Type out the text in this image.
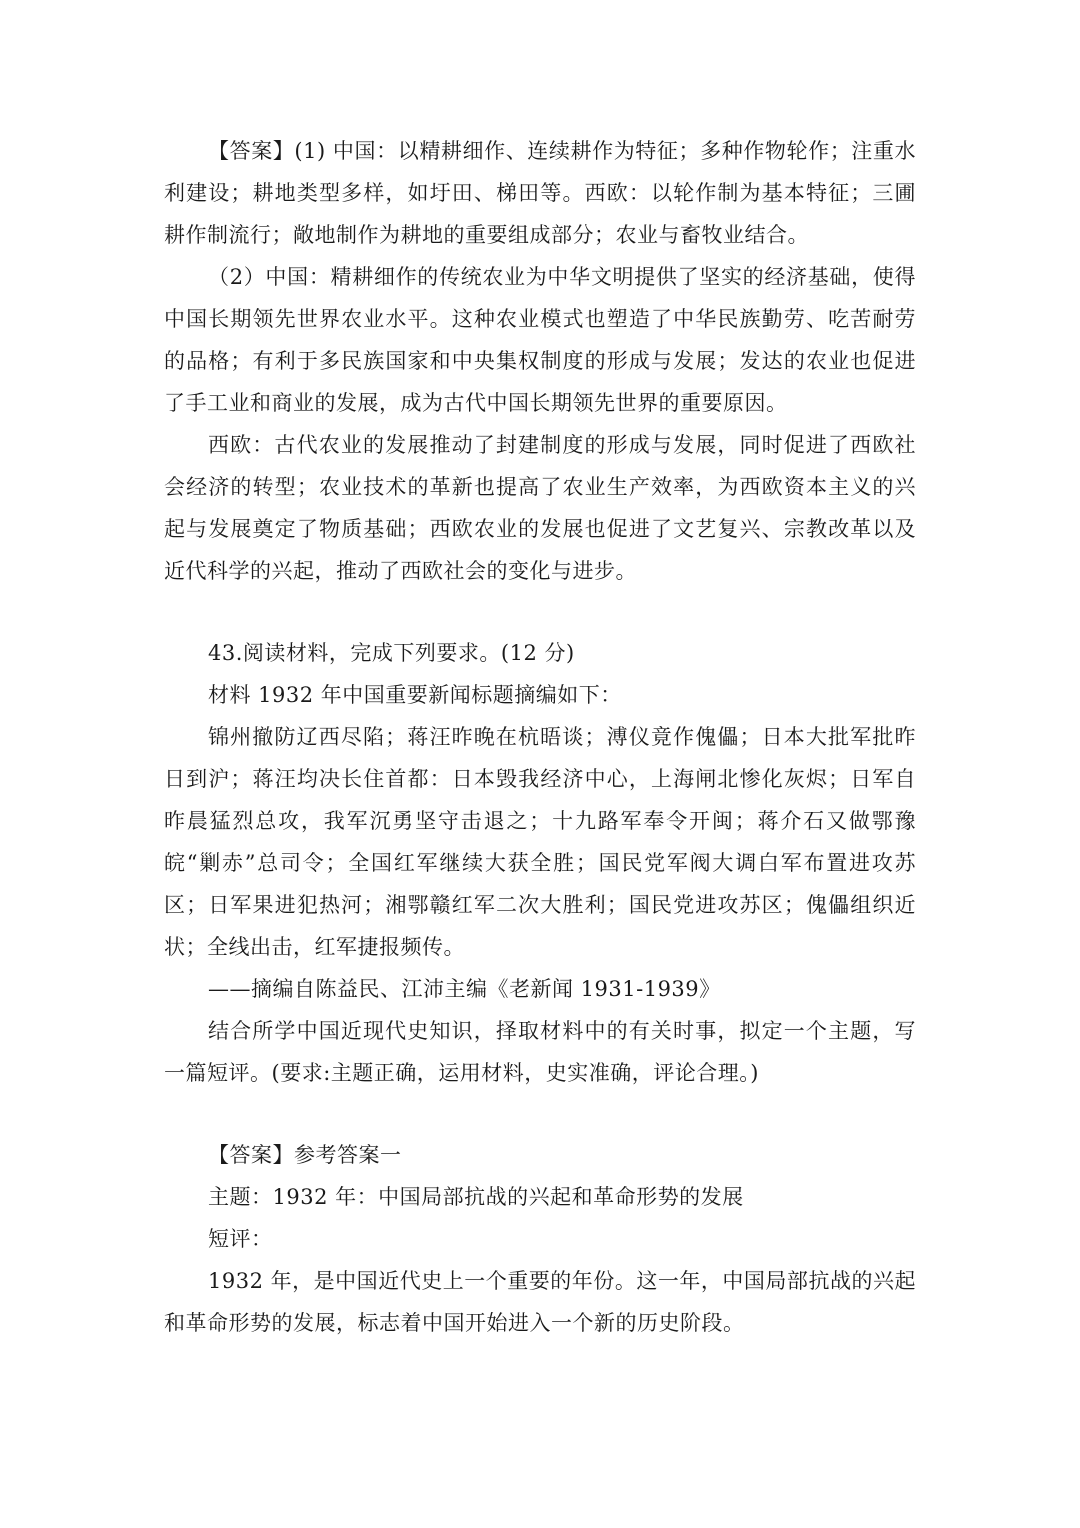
【答案】(1) 中国：以精耕细作、连续耕作为特征；多种作物轮作；注重水利建设；耕地类型多样，如圩田、梯田等。西欧：以轮作制为基本特征；三圃耕作制流行；敞地制作为耕地的重要组成部分；农业与畜牧业结合。

（2）中国：精耕细作的传统农业为中华文明提供了坚实的经济基础，使得中国长期领先世界农业水平。这种农业模式也塑造了中华民族勤劳、吃苦耐劳的品格；有利于多民族国家和中央集权制度的形成与发展；发达的农业也促进了手工业和商业的发展，成为古代中国长期领先世界的重要原因。

西欧：古代农业的发展推动了封建制度的形成与发展，同时促进了西欧社会经济的转型；农业技术的革新也提高了农业生产效率，为西欧资本主义的兴起与发展奠定了物质基础；西欧农业的发展也促进了文艺复兴、宗教改革以及近代科学的兴起，推动了西欧社会的变化与进步。

43.阅读材料，完成下列要求。(12 分)

材料 1932 年中国重要新闻标题摘编如下：

锦州撤防辽西尽陷；蒋汪昨晚在杭晤谈；溥仪竟作傀儡；日本大批军批昨日到沪；蒋汪均决长住首都：日本毁我经济中心，上海闸北惨化灰烬；日军自昨晨猛烈总攻，我军沉勇坚守击退之；十九路军奉令开闽；蒋介石又做鄂豫皖“剿赤”总司令；全国红军继续大获全胜；国民党军阀大调白军布置进攻苏区；日军果进犯热河；湘鄂赣红军二次大胜利；国民党进攻苏区；傀儡组织近状；全线出击，红军捷报频传。

——摘编自陈益民、江沛主编《老新闻 1931-1939》

结合所学中国近现代史知识，择取材料中的有关时事，拟定一个主题，写一篇短评。(要求:主题正确，运用材料，史实准确，评论合理。)

【答案】参考答案一

主题：1932 年：中国局部抗战的兴起和革命形势的发展

短评：

1932 年，是中国近代史上一个重要的年份。这一年，中国局部抗战的兴起和革命形势的发展，标志着中国开始进入一个新的历史阶段。
